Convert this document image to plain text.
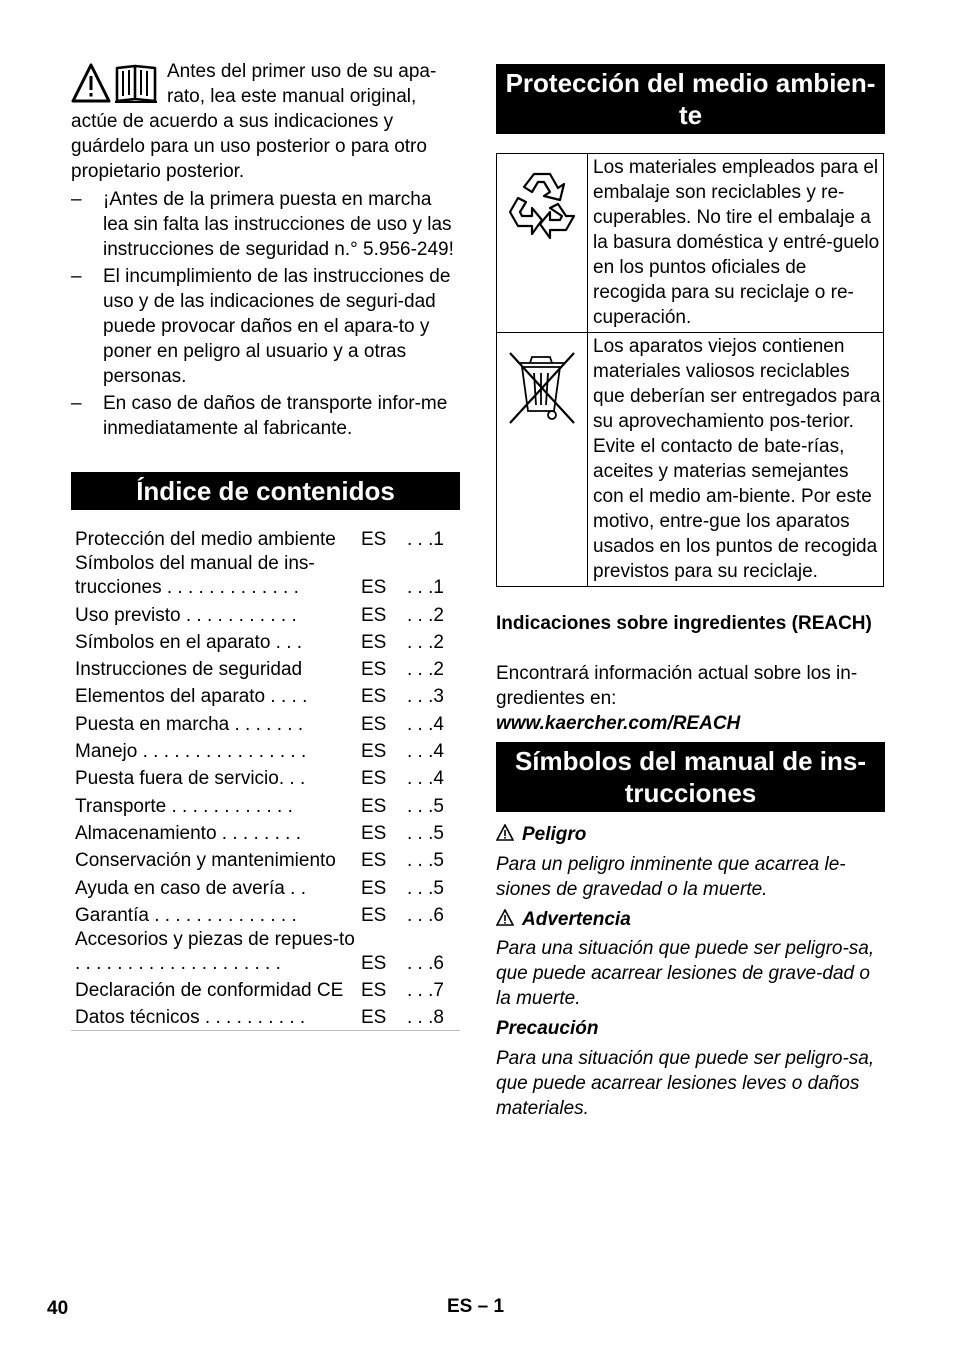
Antes del primer uso de su apa-rato, lea este manual original, actúe de acuerdo a sus indicaciones y guárdelo para un uso posterior o para otro propietario posterior.

– ¡Antes de la primera puesta en marcha lea sin falta las instrucciones de uso y las instrucciones de seguridad n.° 5.956-249!
– El incumplimiento de las instrucciones de uso y de las indicaciones de seguri-dad puede provocar daños en el apara-to y poner en peligro al usuario y a otras personas.
– En caso de daños de transporte infor-me inmediatamente al fabricante.
Índice de contenidos
Protección del medio ambiente	ES	. . .1
Símbolos del manual de ins-trucciones . . . . . . . . . . . . .	ES	. . .1
Uso previsto . . . . . . . . . . .	ES	. . .2
Símbolos en el aparato . . .	ES	. . .2
Instrucciones de seguridad	ES	. . .2
Elementos del aparato . . . .	ES	. . .3
Puesta en marcha . . . . . . .	ES	. . .4
Manejo . . . . . . . . . . . . . . . .	ES	. . .4
Puesta fuera de servicio. . .	ES	. . .4
Transporte . . . . . . . . . . . .	ES	. . .5
Almacenamiento . . . . . . . .	ES	. . .5
Conservación y mantenimiento	ES	. . .5
Ayuda en caso de avería . .	ES	. . .5
Garantía . . . . . . . . . . . . . .	ES	. . .6
Accesorios y piezas de repues-to . . . . . . . . . . . . . . . . . . . .	ES	. . .6
Declaración de conformidad CE	ES	. . .7
Datos técnicos . . . . . . . . . .	ES	. . .8
Protección del medio ambien-
te
	Los materiales empleados para el embalaje son reciclables y re-cuperables. No tire el embalaje a la basura doméstica y entré-guelo en los puntos oficiales de recogida para su reciclaje o re-cuperación.
	Los aparatos viejos contienen materiales valiosos reciclables que deberían ser entregados para su aprovechamiento pos-terior. Evite el contacto de bate-rías, aceites y materias semejantes con el medio am-biente. Por este motivo, entre-gue los aparatos usados en los puntos de recogida previstos para su reciclaje.
Indicaciones sobre ingredientes (REACH)

Encontrará información actual sobre los in-gredientes en:

www.kaercher.com/REACH
Símbolos del manual de ins-
trucciones
Peligro

Para un peligro inminente que acarrea le-siones de gravedad o la muerte.

Advertencia

Para una situación que puede ser peligro-sa, que puede acarrear lesiones de grave-dad o la muerte.

Precaución

Para una situación que puede ser peligro-sa, que puede acarrear lesiones leves o daños materiales.

40	ES – 1
